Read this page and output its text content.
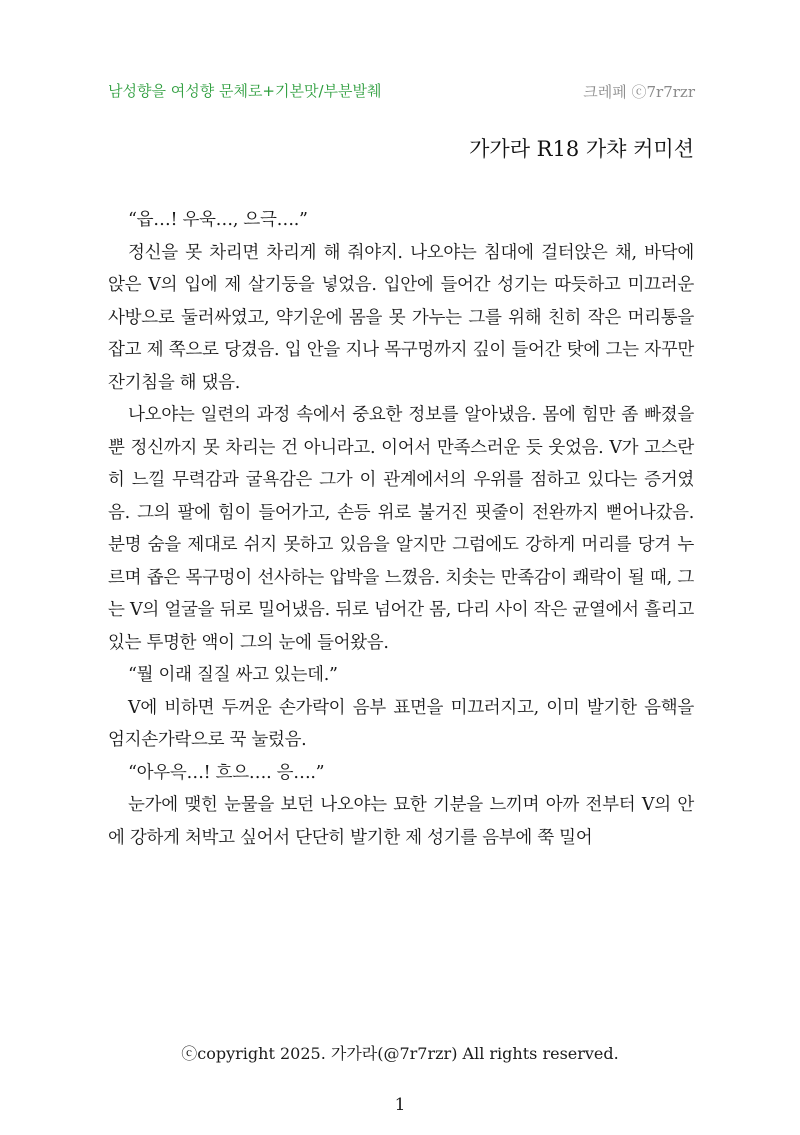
남성향을 여성향 문체로+기본맛/부분발췌	크레페 ⓒ7r7rzr
가가라 R18 가챠 커미션

“읍…! 우욱…, 으극….”

정신을 못 차리면 차리게 해 줘야지. 나오야는 침대에 걸터앉은 채, 바닥에 앉은 V의 입에 제 살기둥을 넣었음. 입안에 들어간 성기는 따듯하고 미끄러운 사방으로 둘러싸였고, 약기운에 몸을 못 가누는 그를 위해 친히 작은 머리통을 잡고 제 쪽으로 당겼음. 입 안을 지나 목구멍까지 깊이 들어간 탓에 그는 자꾸만 잔기침을 해 댔음.

나오야는 일련의 과정 속에서 중요한 정보를 알아냈음. 몸에 힘만 좀 빠졌을 뿐 정신까지 못 차리는 건 아니라고. 이어서 만족스러운 듯 웃었음. V가 고스란히 느낄 무력감과 굴욕감은 그가 이 관계에서의 우위를 점하고 있다는 증거였음. 그의 팔에 힘이 들어가고, 손등 위로 불거진 핏줄이 전완까지 뻗어나갔음. 분명 숨을 제대로 쉬지 못하고 있음을 알지만 그럼에도 강하게 머리를 당겨 누르며 좁은 목구멍이 선사하는 압박을 느꼈음. 치솟는 만족감이 쾌락이 될 때, 그는 V의 얼굴을 뒤로 밀어냈음. 뒤로 넘어간 몸, 다리 사이 작은 균열에서 흘리고 있는 투명한 액이 그의 눈에 들어왔음.

“뭘 이래 질질 싸고 있는데.”

V에 비하면 두꺼운 손가락이 음부 표면을 미끄러지고, 이미 발기한 음핵을 엄지손가락으로 꾹 눌렀음.

“아우윽…! 흐으…. 응….”

눈가에 맺힌 눈물을 보던 나오야는 묘한 기분을 느끼며 아까 전부터 V의 안에 강하게 처박고 싶어서 단단히 발기한 제 성기를 음부에 쭉 밀어

ⓒcopyright 2025. 가가라(@7r7rzr) All rights reserved.
1
